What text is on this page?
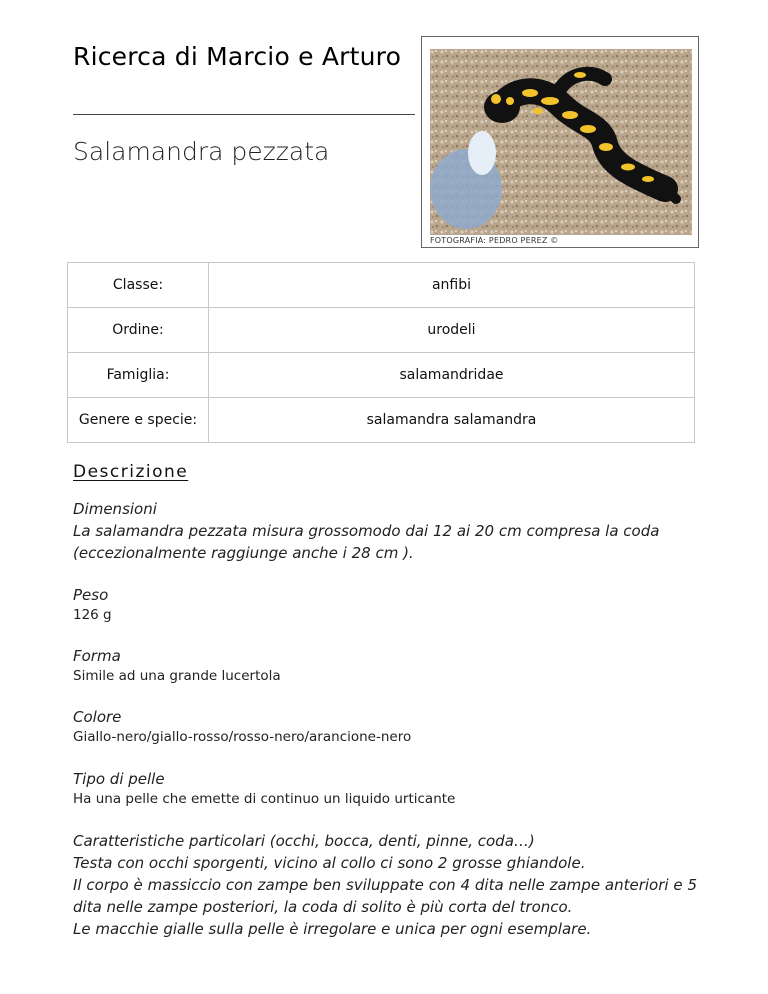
Ricerca di Marcio e Arturo
Salamandra pezzata
FOTOGRAFIA: PEDRO PEREZ ©
Classe:	anfibi
Ordine:	urodeli
Famiglia:	salamandridae
Genere e specie:	salamandra salamandra
Descrizione
Dimensioni
La salamandra pezzata misura grossomodo dai 12 ai 20 cm compresa la coda
(eccezionalmente raggiunge anche i 28 cm ).
Peso
126 g
Forma
Simile ad una grande lucertola
Colore
Giallo-nero/giallo-rosso/rosso-nero/arancione-nero
Tipo di pelle
Ha una pelle che emette di continuo un liquido urticante
Caratteristiche particolari (occhi, bocca, denti, pinne, coda…)
Testa con occhi sporgenti, vicino al collo ci sono 2 grosse ghiandole.
Il corpo è massiccio con zampe ben sviluppate con 4 dita nelle zampe anteriori e 5 dita nelle zampe posteriori, la coda di solito è più corta del tronco.
Le macchie gialle sulla pelle è irregolare e unica per ogni esemplare.
